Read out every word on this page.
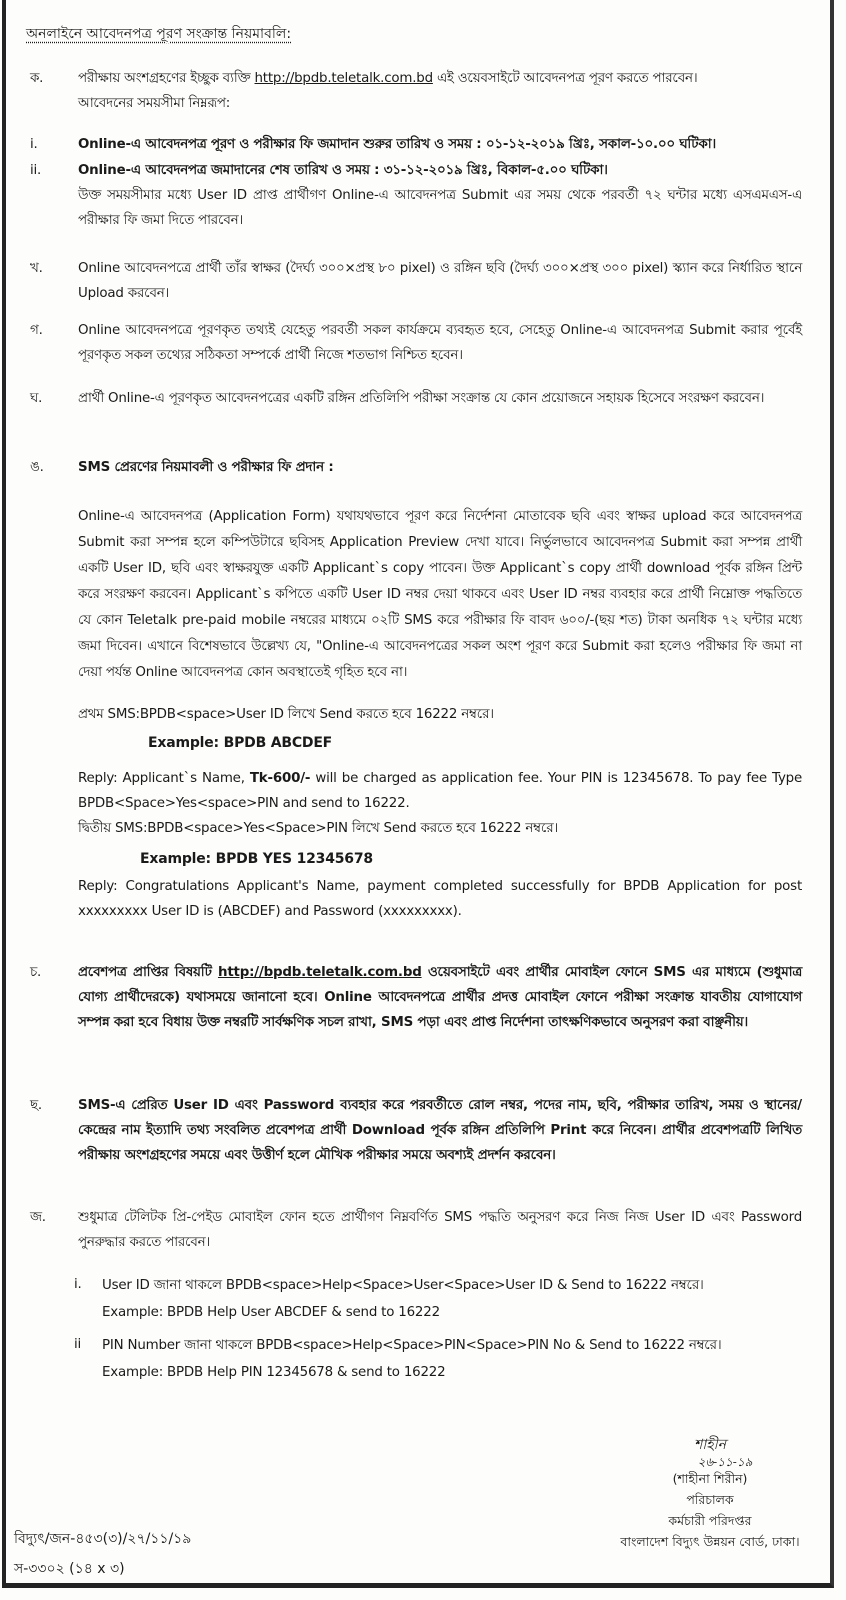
অনলাইনে আবেদনপত্র পূরণ সংক্রান্ত নিয়মাবলি:
ক.	পরীক্ষায় অংশগ্রহণের ইচ্ছুক ব্যক্তি http://bpdb.teletalk.com.bd এই ওয়েবসাইটে আবেদনপত্র পূরণ করতে পারবেন।
আবেদনের সময়সীমা নিম্নরূপ:
i.	Online-এ আবেদনপত্র পূরণ ও পরীক্ষার ফি জমাদান শুরুর তারিখ ও সময় : ০১-১২-২০১৯ খ্রিঃ, সকাল-১০.০০ ঘটিকা।
ii.	Online-এ আবেদনপত্র জমাদানের শেষ তারিখ ও সময় : ৩১-১২-২০১৯ খ্রিঃ, বিকাল-৫.০০ ঘটিকা।
উক্ত সময়সীমার মধ্যে User ID প্রাপ্ত প্রার্থীগণ Online-এ আবেদনপত্র Submit এর সময় থেকে পরবর্তী ৭২ ঘন্টার মধ্যে এসএমএস-এ পরীক্ষার ফি জমা দিতে পারবেন।
খ.	Online আবেদনপত্রে প্রার্থী তাঁর স্বাক্ষর (দৈর্ঘ্য ৩০০×প্রস্থ ৮০ pixel) ও রঙ্গিন ছবি (দৈর্ঘ্য ৩০০×প্রস্থ ৩০০ pixel) স্ক্যান করে নির্ধারিত স্থানে Upload করবেন।
গ.	Online আবেদনপত্রে পূরণকৃত তথ্যই যেহেতু পরবর্তী সকল কার্যক্রমে ব্যবহৃত হবে, সেহেতু Online-এ আবেদনপত্র Submit করার পূর্বেই পূরণকৃত সকল তথ্যের সঠিকতা সম্পর্কে প্রার্থী নিজে শতভাগ নিশ্চিত হবেন।
ঘ.	প্রার্থী Online-এ পূরণকৃত আবেদনপত্রের একটি রঙ্গিন প্রতিলিপি পরীক্ষা সংক্রান্ত যে কোন প্রয়োজনে সহায়ক হিসেবে সংরক্ষণ করবেন।
ঙ.	SMS প্রেরণের নিয়মাবলী ও পরীক্ষার ফি প্রদান :
Online-এ আবেদনপত্র (Application Form) যথাযথভাবে পূরণ করে নির্দেশনা মোতাবেক ছবি এবং স্বাক্ষর upload করে আবেদনপত্র Submit করা সম্পন্ন হলে কম্পিউটারে ছবিসহ Application Preview দেখা যাবে। নির্ভুলভাবে আবেদনপত্র Submit করা সম্পন্ন প্রার্থী একটি User ID, ছবি এবং স্বাক্ষরযুক্ত একটি Applicant`s copy পাবেন। উক্ত Applicant`s copy প্রার্থী download পূর্বক রঙ্গিন প্রিন্ট করে সংরক্ষণ করবেন। Applicant`s কপিতে একটি User ID নম্বর দেয়া থাকবে এবং User ID নম্বর ব্যবহার করে প্রার্থী নিম্নোক্ত পদ্ধতিতে যে কোন Teletalk pre-paid mobile নম্বরের মাধ্যমে ০২টি SMS করে পরীক্ষার ফি বাবদ ৬০০/-(ছয় শত) টাকা অনধিক ৭২ ঘন্টার মধ্যে জমা দিবেন। এখানে বিশেষভাবে উল্লেখ্য যে, "Online-এ আবেদনপত্রের সকল অংশ পূরণ করে Submit করা হলেও পরীক্ষার ফি জমা না দেয়া পর্যন্ত Online আবেদনপত্র কোন অবস্থাতেই গৃহিত হবে না।
প্রথম SMS:BPDB<space>User ID লিখে Send করতে হবে 16222 নম্বরে।
Example: BPDB ABCDEF
Reply: Applicant`s Name, Tk-600/- will be charged as application fee. Your PIN is 12345678. To pay fee Type BPDB<Space>Yes<space>PIN and send to 16222.
দ্বিতীয় SMS:BPDB<space>Yes<Space>PIN লিখে Send করতে হবে 16222 নম্বরে।
Example: BPDB YES 12345678
Reply: Congratulations Applicant's Name, payment completed successfully for BPDB Application for post xxxxxxxxx User ID is (ABCDEF) and Password (xxxxxxxxx).
চ.	প্রবেশপত্র প্রাপ্তির বিষয়টি http://bpdb.teletalk.com.bd ওয়েবসাইটে এবং প্রার্থীর মোবাইল ফোনে SMS এর মাধ্যমে (শুধুমাত্র যোগ্য প্রার্থীদেরকে) যথাসময়ে জানানো হবে। Online আবেদনপত্রে প্রার্থীর প্রদত্ত মোবাইল ফোনে পরীক্ষা সংক্রান্ত যাবতীয় যোগাযোগ সম্পন্ন করা হবে বিধায় উক্ত নম্বরটি সার্বক্ষণিক সচল রাখা, SMS পড়া এবং প্রাপ্ত নির্দেশনা তাৎক্ষণিকভাবে অনুসরণ করা বাঞ্ছনীয়।
ছ.	SMS-এ প্রেরিত User ID এবং Password ব্যবহার করে পরবর্তীতে রোল নম্বর, পদের নাম, ছবি, পরীক্ষার তারিখ, সময় ও স্থানের/কেন্দ্রের নাম ইত্যাদি তথ্য সংবলিত প্রবেশপত্র প্রার্থী Download পূর্বক রঙ্গিন প্রতিলিপি Print করে নিবেন। প্রার্থীর প্রবেশপত্রটি লিখিত পরীক্ষায় অংশগ্রহণের সময়ে এবং উত্তীর্ণ হলে মৌখিক পরীক্ষার সময়ে অবশ্যই প্রদর্শন করবেন।
জ. শুধুমাত্র টেলিটক প্রি-পেইড মোবাইল ফোন হতে প্রার্থীগণ নিম্নবর্ণিত SMS পদ্ধতি অনুসরণ করে নিজ নিজ User ID এবং Password পুনরুদ্ধার করতে পারবেন।
i. User ID জানা থাকলে BPDB<space>Help<Space>User<Space>User ID & Send to 16222 নম্বরে।
Example: BPDB Help User ABCDEF & send to 16222
ii PIN Number জানা থাকলে BPDB<space>Help<Space>PIN<Space>PIN No & Send to 16222 নম্বরে।
Example: BPDB Help PIN 12345678 & send to 16222
শাহীন
২৬-১১-১৯
(শাহীনা শিরীন)
পরিচালক
কর্মচারী পরিদপ্তর
বাংলাদেশ বিদ্যুৎ উন্নয়ন বোর্ড, ঢাকা।
বিদ্যুৎ/জন-৪৫৩(৩)/২৭/১১/১৯
স-৩৩০২ (১৪ x ৩)
